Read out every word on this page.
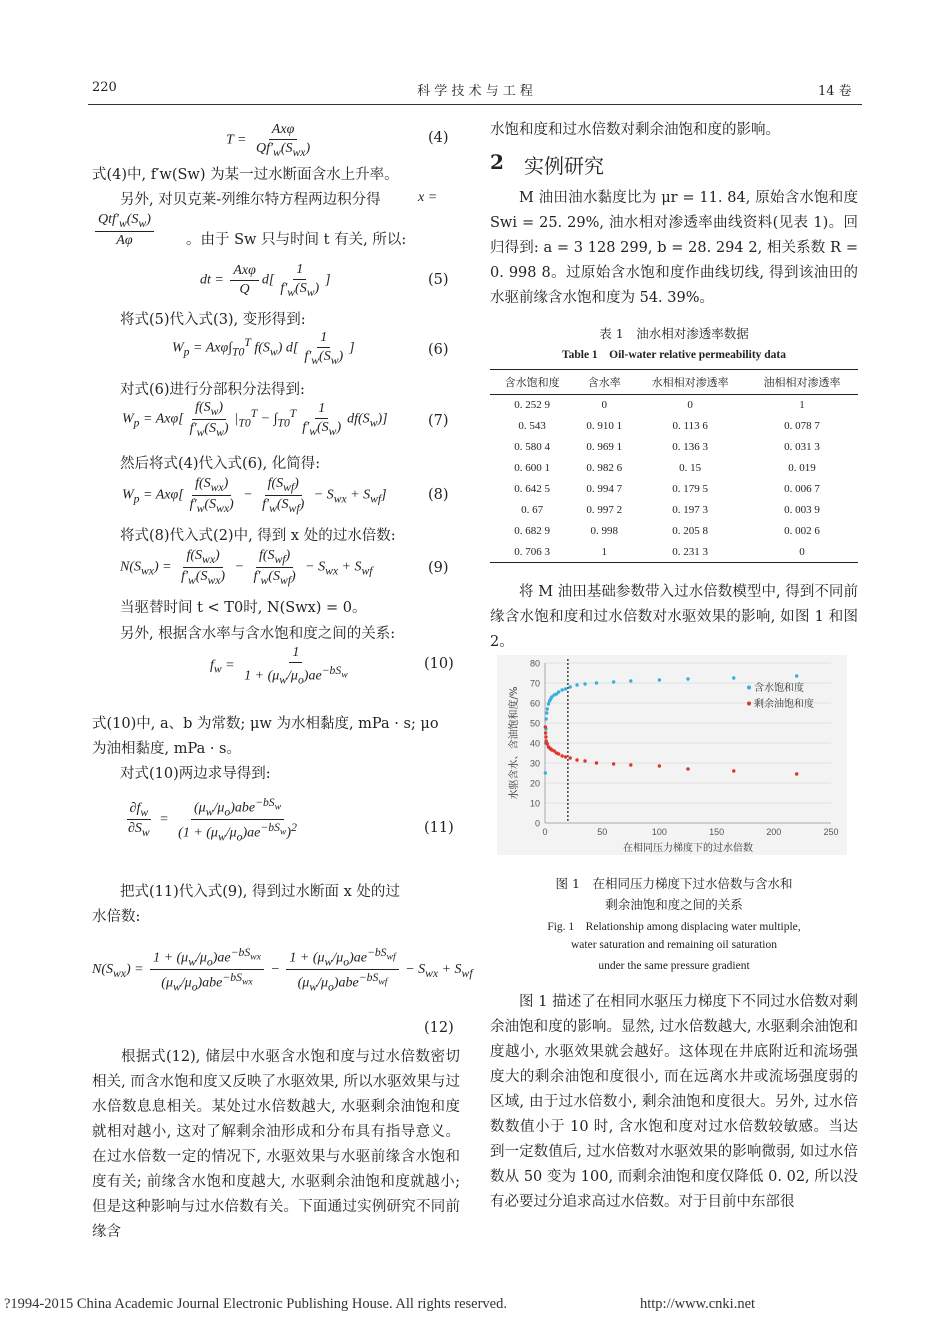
220	科 学 技 术 与 工 程	14 卷
$T = \frac{\text{Axφ}}{Qf'_w(S_{wx})}$	(4)
式(4)中, f′w(Sw) 为某一过水断面含水上升率。
另外, 对贝克莱-列维尔特方程两边积分得	x =
$\frac{Qtf'_w(S_w)}{A\varphi}$ 。由于 Sw 只与时间 t 有关, 所以:
dt = $\frac{\text{Axφ}}{Q} d[ \frac{1}{f'_w(S_w)}$ ]	(5)
将式(5)代入式(3), 变形得到:
$W_p = Ax\varphi\int_{T0}^T$ $f(S_w)$ $d[ \frac{1}{f'_w(S_w)}$ ]	(6)
对式(6)进行分部积分法得到:
$W_p = Ax\varphi[ \frac{f(S_w)}{f'_w(S_w)} |_{T0}^T - \int_{T0}^T \frac{1}{f'_w(S_w)} df(S_w)]$	(7)
然后将式(4)代入式(6), 化简得:
$W_p = Ax\varphi[ \frac{f(S_{wx})}{f'_w(S_{wx})} - \frac{f(S_{wf})}{f'_w(S_{wf})} - S_{wx} + S_{wf}]$	(8)
将式(8)代入式(2)中, 得到 x 处的过水倍数:
$N(S_{wx}) = \frac{f(S_{wx})}{f'_w(S_{wx})} - \frac{f(S_{wf})}{f'_w(S_{wf})} - S_{wx} + S_{wf}$	(9)
当驱替时间 t < T0时, N(Swx) = 0。
另外, 根据含水率与含水饱和度之间的关系:
$f_w = \frac{1}{1 + (\mu_w/\mu_o)ae^{-bS_w}}$	(10)
式(10)中, a、b 为常数; μw 为水相黏度, mPa · s; μo
为油相黏度, mPa · s。
对式(10)两边求导得到:
$\frac{\partial f_w}{\partial S_w} = \frac{(\mu_w/\mu_o)abe^{-bS_w}}{(1 + (\mu_w/\mu_o)ae^{-bS_w})^2}$	(11)
把式(11)代入式(9), 得到过水断面 x 处的过
水倍数:
$N(S_{wx}) = \frac{1 + (\mu_w/\mu_o)ae^{-bS_{wx}}}{(\mu_w/\mu_o)abe^{-bS_{wx}}} - \frac{1 + (\mu_w/\mu_o)ae^{-bS_{wf}}}{(\mu_w/\mu_o)abe^{-bS_{wf}}} - S_{wx} + S_{wf}$
(12)
根据式(12), 储层中水驱含水饱和度与过水倍数密切相关, 而含水饱和度又反映了水驱效果, 所以水驱效果与过水倍数息息相关。某处过水倍数越大, 水驱剩余油饱和度就相对越小, 这对了解剩余油形成和分布具有指导意义。在过水倍数一定的情况下, 水驱效果与水驱前缘含水饱和度有关; 前缘含水饱和度越大, 水驱剩余油饱和度就越小; 但是这种影响与过水倍数有关。下面通过实例研究不同前缘含
水饱和度和过水倍数对剩余油饱和度的影响。
2 实例研究
M 油田油水黏度比为 μr = 11. 84, 原始含水饱和度 Swi = 25. 29%, 油水相对渗透率曲线资料(见表 1)。回归得到: a = 3 128 299, b = 28. 294 2, 相关系数 R = 0. 998 8。过原始含水饱和度作曲线切线, 得到该油田的水驱前缘含水饱和度为 54. 39%。
表 1　油水相对渗透率数据
Table 1　Oil-water relative permeability data
含水饱和度	含水率	水相相对渗透率	油相相对渗透率
0. 252 9	0	0	1
0. 543	0. 910 1	0. 113 6	0. 078 7
0. 580 4	0. 969 1	0. 136 3	0. 031 3
0. 600 1	0. 982 6	0. 15	0. 019
0. 642 5	0. 994 7	0. 179 5	0. 006 7
0. 67	0. 997 2	0. 197 3	0. 003 9
0. 682 9	0. 998	0. 205 8	0. 002 6
0. 706 3	1	0. 231 3	0
将 M 油田基础参数带入过水倍数模型中, 得到不同前缘含水饱和度和过水倍数对水驱效果的影响, 如图 1 和图 2。
0
10
20
30
40
50
60
70
80
0	50	100	150	200	250
在相同压力梯度下的过水倍数
水驱含水、含油饱和度/%	含水饱和度
剩余油饱和度
图 1　在相同压力梯度下过水倍数与含水和
剩余油饱和度之间的关系
Fig. 1　Relationship among displacing water multiple,
water saturation and remaining oil saturation
under the same pressure gradient
图 1 描述了在相同水驱压力梯度下不同过水倍数对剩余油饱和度的影响。显然, 过水倍数越大, 水驱剩余油饱和度越小, 水驱效果就会越好。这体现在井底附近和流场强度大的剩余油饱和度很小, 而在远离水井或流场强度弱的区域, 由于过水倍数小, 剩余油饱和度很大。另外, 过水倍数数值小于 10 时, 含水饱和度对过水倍数较敏感。当达到一定数值后, 过水倍数对水驱效果的影响微弱, 如过水倍数从 50 变为 100, 而剩余油饱和度仅降低 0. 02, 所以没有必要过分追求高过水倍数。对于目前中东部很
?1994-2015 China Academic Journal Electronic Publishing House. All rights reserved.	http://www.cnki.net
